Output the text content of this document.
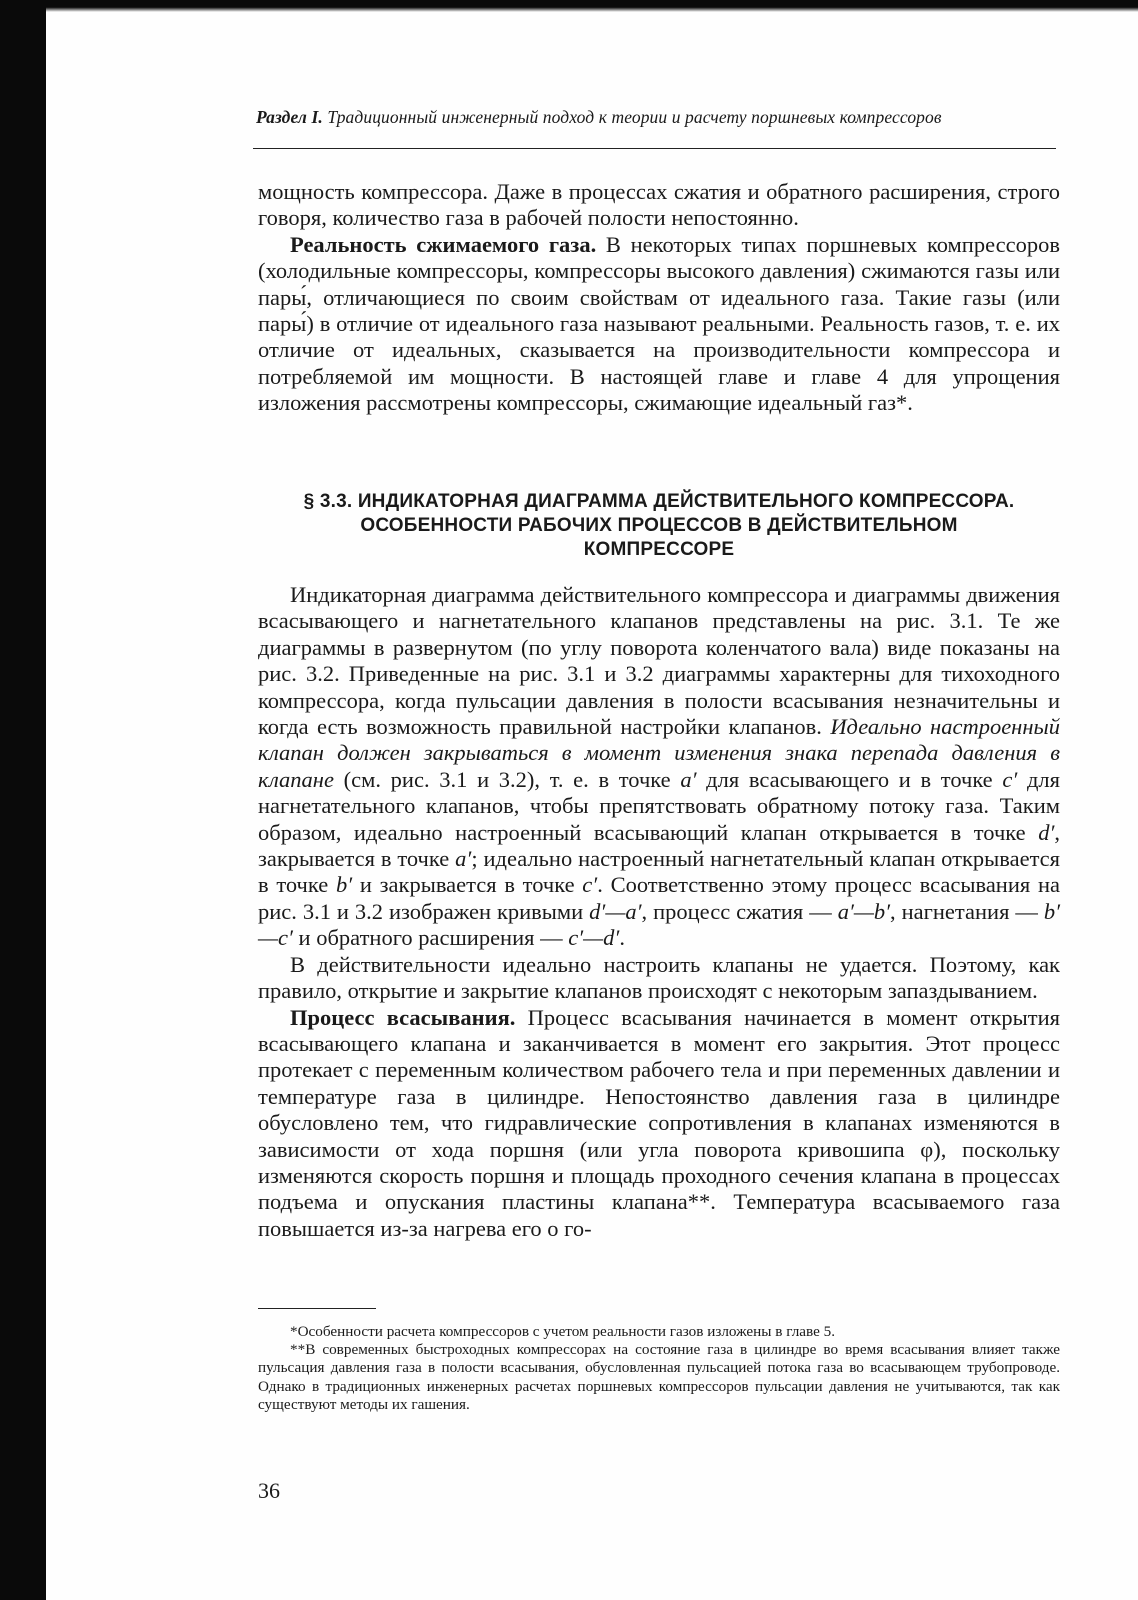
Раздел I. Традиционный инженерный подход к теории и расчету поршневых компрессоров

мощность компрессора. Даже в процессах сжатия и обратного расширения, строго говоря, количество газа в рабочей полости непостоянно.

Реальность сжимаемого газа. В некоторых типах поршневых компрессоров (холодильные компрессоры, компрессоры высокого давления) сжимаются газы или пары́, отличающиеся по своим свойствам от идеального газа. Такие газы (или пары́) в отличие от идеального газа называют реальными. Реальность газов, т. е. их отличие от идеальных, сказывается на производительности компрессора и потребляемой им мощности. В настоящей главе и главе 4 для упрощения изложения рассмотрены компрессоры, сжимающие идеальный газ*.

§ 3.3. ИНДИКАТОРНАЯ ДИАГРАММА ДЕЙСТВИТЕЛЬНОГО КОМПРЕССОРА.
ОСОБЕННОСТИ РАБОЧИХ ПРОЦЕССОВ В ДЕЙСТВИТЕЛЬНОМ
КОМПРЕССОРЕ

Индикаторная диаграмма действительного компрессора и диаграммы движения всасывающего и нагнетательного клапанов представлены на рис. 3.1. Те же диаграммы в развернутом (по углу поворота коленчатого вала) виде показаны на рис. 3.2. Приведенные на рис. 3.1 и 3.2 диаграммы характерны для тихоходного компрессора, когда пульсации давления в полости всасывания незначительны и когда есть возможность правильной настройки клапанов. Идеально настроенный клапан должен закрываться в момент изменения знака перепада давления в клапане (см. рис. 3.1 и 3.2), т. е. в точке a′ для всасывающего и в точке c′ для нагнетательного клапанов, чтобы препятствовать обратному потоку газа. Таким образом, идеально настроенный всасывающий клапан открывается в точке d′, закрывается в точке a′; идеально настроенный нагнетательный клапан открывается в точке b′ и закрывается в точке c′. Соответственно этому процесс всасывания на рис. 3.1 и 3.2 изображен кривыми d′—a′, процесс сжатия — a′—b′, нагнетания — b′—c′ и обратного расширения — c′—d′.

В действительности идеально настроить клапаны не удается. Поэтому, как правило, открытие и закрытие клапанов происходят с некоторым запаздыванием.

Процесс всасывания. Процесс всасывания начинается в момент открытия всасывающего клапана и заканчивается в момент его закрытия. Этот процесс протекает с переменным количеством рабочего тела и при переменных давлении и температуре газа в цилиндре. Непостоянство давления газа в цилиндре обусловлено тем, что гидравлические сопротивления в клапанах изменяются в зависимости от хода поршня (или угла поворота кривошипа φ), поскольку изменяются скорость поршня и площадь проходного сечения клапана в процессах подъема и опускания пластины клапана**. Температура всасываемого газа повышается из-за нагрева его о го-

*Особенности расчета компрессоров с учетом реальности газов изложены в главе 5.

**В современных быстроходных компрессорах на состояние газа в цилиндре во время всасывания влияет также пульсация давления газа в полости всасывания, обусловленная пульсацией потока газа во всасывающем трубопроводе. Однако в традиционных инженерных расчетах поршневых компрессоров пульсации давления не учитываются, так как существуют методы их гашения.

36
